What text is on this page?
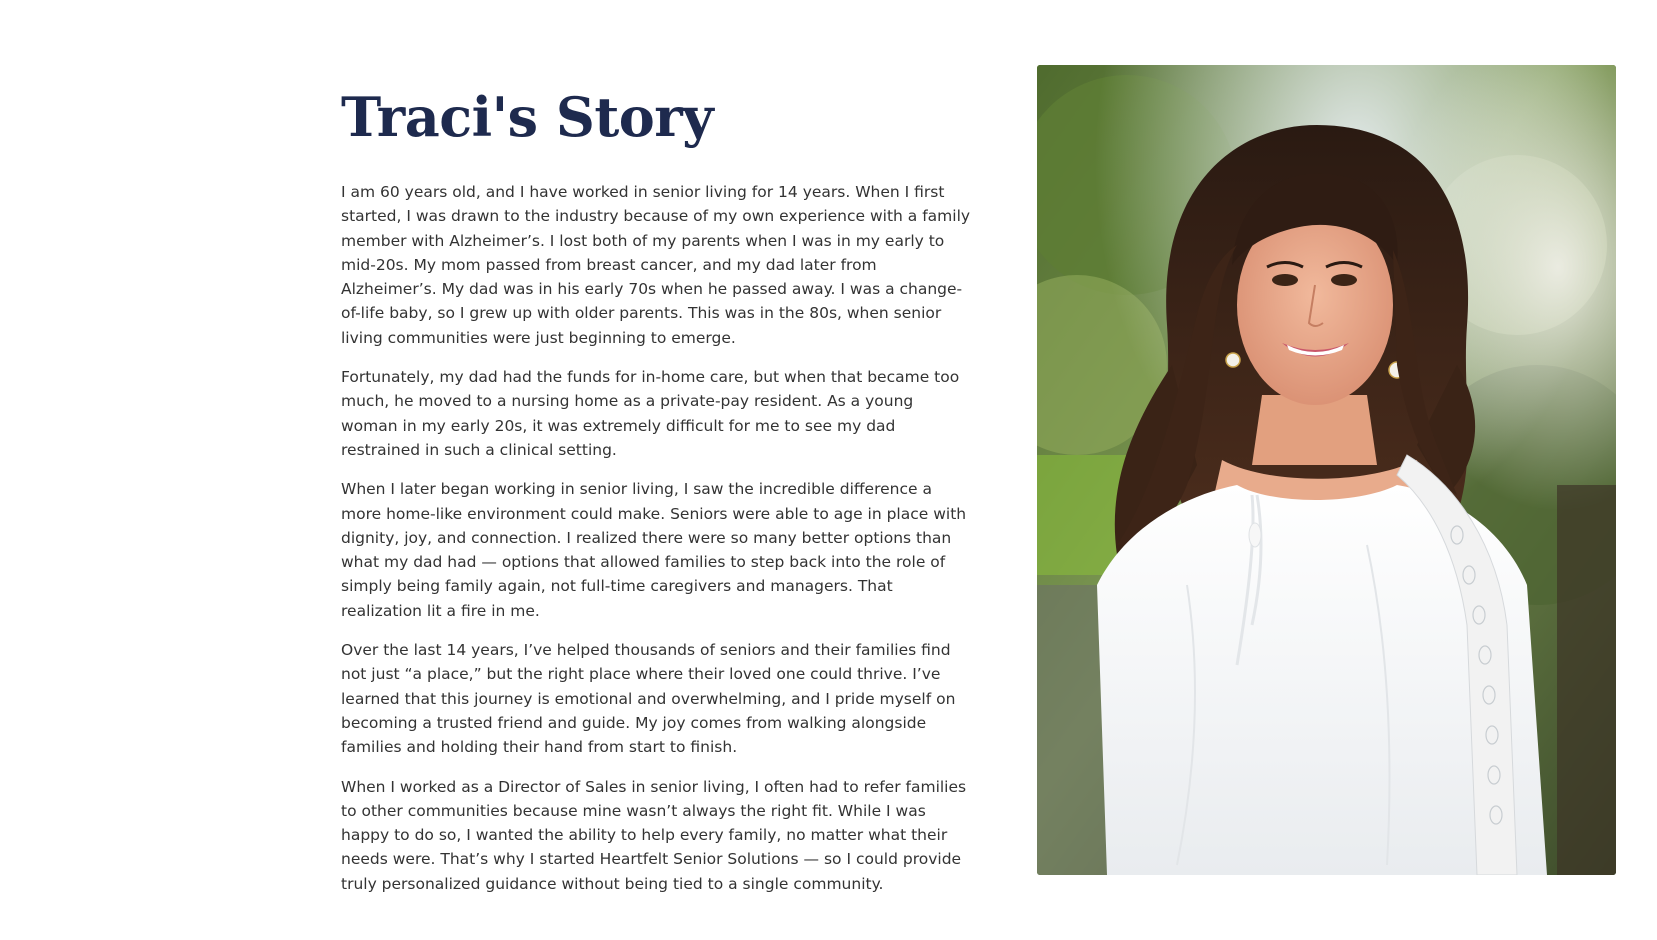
Traci's Story

I am 60 years old, and I have worked in senior living for 14 years. When I first started, I was drawn to the industry because of my own experience with a family member with Alzheimer’s. I lost both of my parents when I was in my early to mid-20s. My mom passed from breast cancer, and my dad later from Alzheimer’s. My dad was in his early 70s when he passed away. I was a change-of-life baby, so I grew up with older parents. This was in the 80s, when senior living communities were just beginning to emerge.

Fortunately, my dad had the funds for in-home care, but when that became too much, he moved to a nursing home as a private-pay resident. As a young woman in my early 20s, it was extremely difficult for me to see my dad restrained in such a clinical setting.

When I later began working in senior living, I saw the incredible difference a more home-like environment could make. Seniors were able to age in place with dignity, joy, and connection. I realized there were so many better options than what my dad had — options that allowed families to step back into the role of simply being family again, not full-time caregivers and managers. That realization lit a fire in me.

Over the last 14 years, I’ve helped thousands of seniors and their families find not just “a place,” but the right place where their loved one could thrive. I’ve learned that this journey is emotional and overwhelming, and I pride myself on becoming a trusted friend and guide. My joy comes from walking alongside families and holding their hand from start to finish.

When I worked as a Director of Sales in senior living, I often had to refer families to other communities because mine wasn’t always the right fit. While I was happy to do so, I wanted the ability to help every family, no matter what their needs were. That’s why I started Heartfelt Senior Solutions — so I could provide truly personalized guidance without being tied to a single community.
